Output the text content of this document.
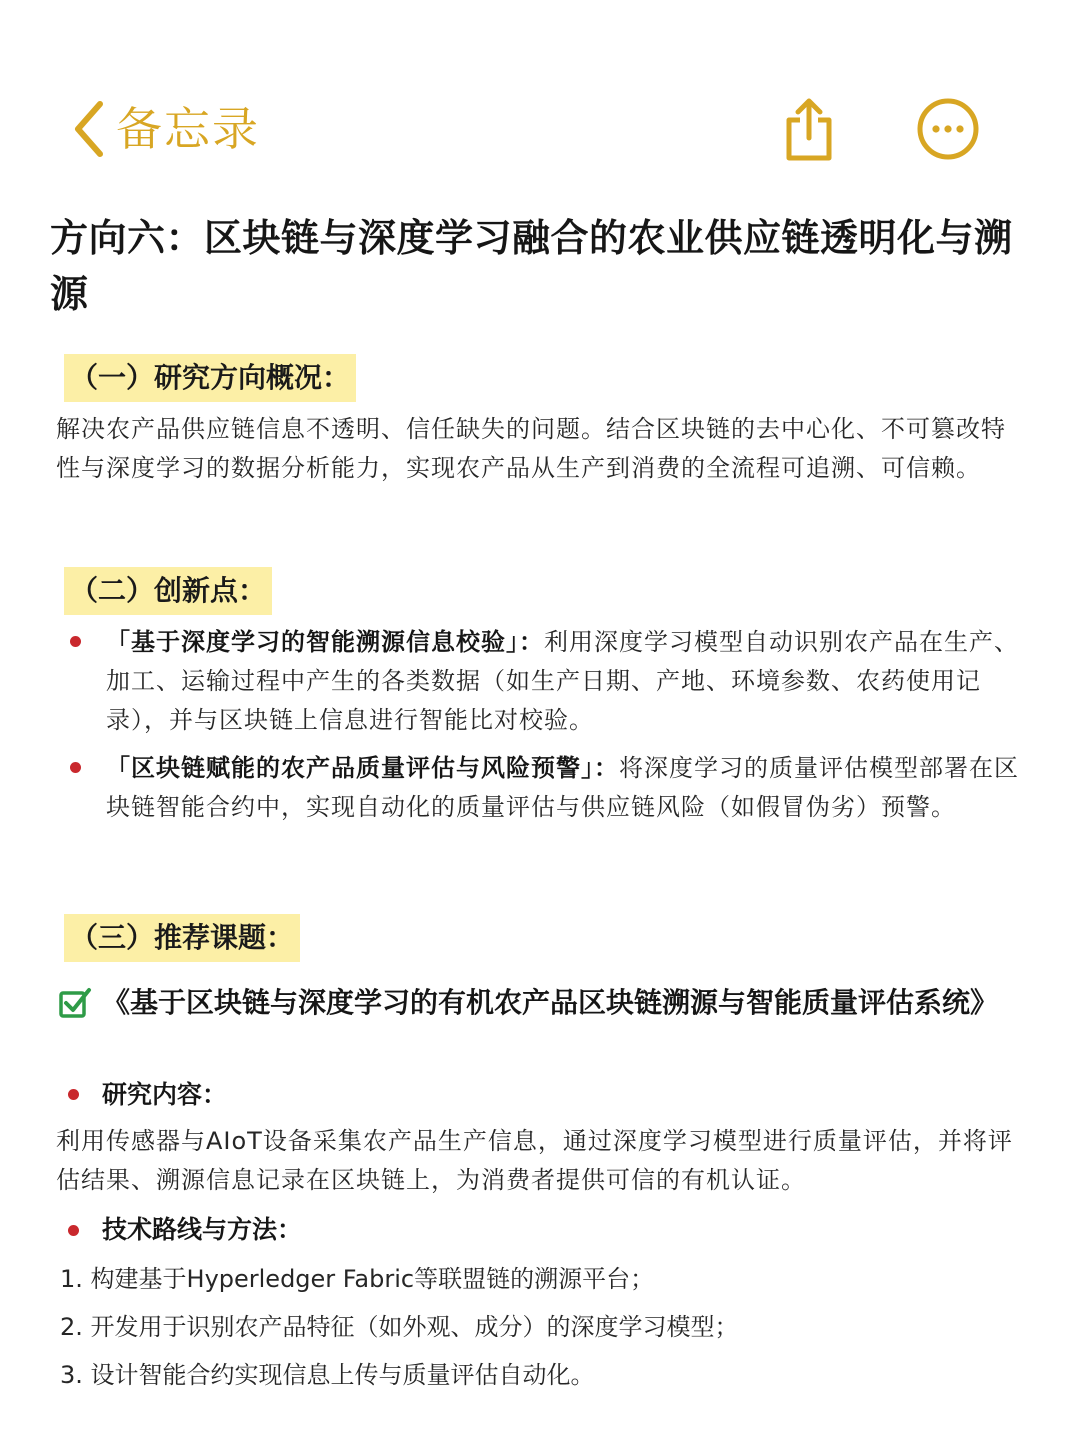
备忘录
方向六：区块链与深度学习融合的农业供应链透明化与溯源
（一）研究方向概况：

解决农产品供应链信息不透明、信任缺失的问题。结合区块链的去中心化、不可篡改特性与深度学习的数据分析能力，实现农产品从生产到消费的全流程可追溯、可信赖。

（二）创新点：

「基于深度学习的智能溯源信息校验」：利用深度学习模型自动识别农产品在生产、加工、运输过程中产生的各类数据（如生产日期、产地、环境参数、农药使用记录），并与区块链上信息进行智能比对校验。

「区块链赋能的农产品质量评估与风险预警」：将深度学习的质量评估模型部署在区块链智能合约中，实现自动化的质量评估与供应链风险（如假冒伪劣）预警。

（三）推荐课题：

《基于区块链与深度学习的有机农产品区块链溯源与智能质量评估系统》

研究内容：

利用传感器与AIoT设备采集农产品生产信息，通过深度学习模型进行质量评估，并将评估结果、溯源信息记录在区块链上，为消费者提供可信的有机认证。

技术路线与方法：

1. 构建基于Hyperledger Fabric等联盟链的溯源平台；

2. 开发用于识别农产品特征（如外观、成分）的深度学习模型；

3. 设计智能合约实现信息上传与质量评估自动化。
